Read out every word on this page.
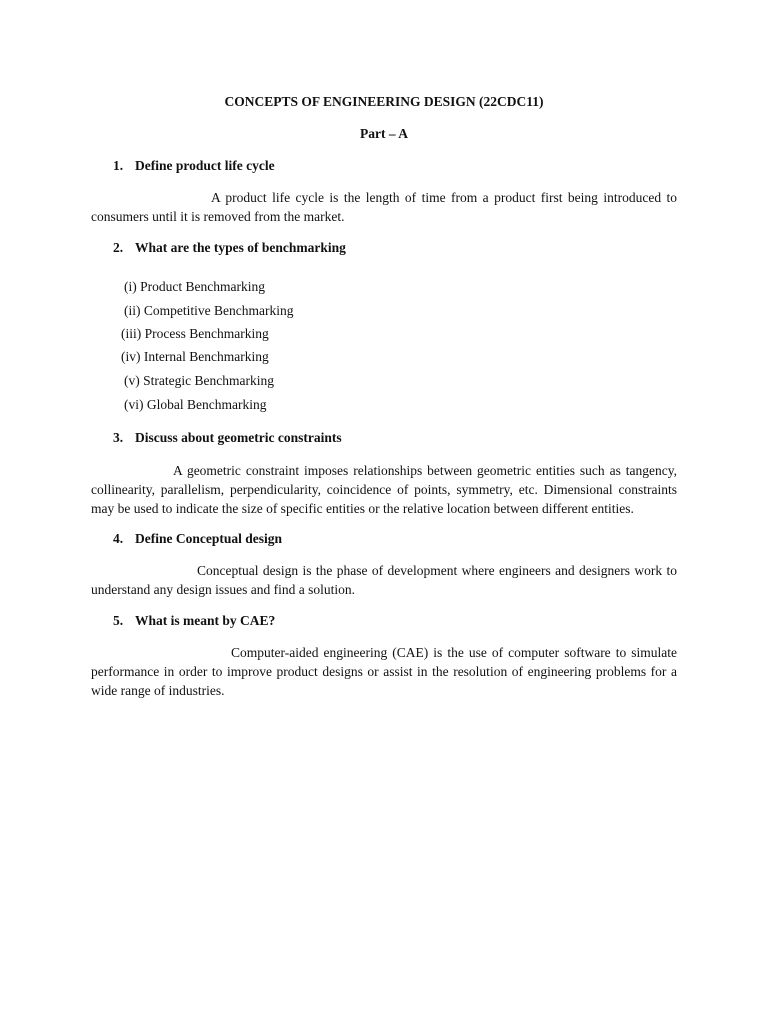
CONCEPTS OF ENGINEERING DESIGN (22CDC11)
Part – A
1. Define product life cycle

A product life cycle is the length of time from a product first being introduced to consumers until it is removed from the market.

2. What are the types of benchmarking
(i) Product Benchmarking
(ii) Competitive Benchmarking
(iii) Process Benchmarking
(iv) Internal Benchmarking
(v) Strategic Benchmarking
(vi) Global Benchmarking
3. Discuss about geometric constraints

A geometric constraint imposes relationships between geometric entities such as tangency, collinearity, parallelism, perpendicularity, coincidence of points, symmetry, etc. Dimensional constraints may be used to indicate the size of specific entities or the relative location between different entities.

4. Define Conceptual design

Conceptual design is the phase of development where engineers and designers work to understand any design issues and find a solution.

5. What is meant by CAE?

Computer-aided engineering (CAE) is the use of computer software to simulate performance in order to improve product designs or assist in the resolution of engineering problems for a wide range of industries.
